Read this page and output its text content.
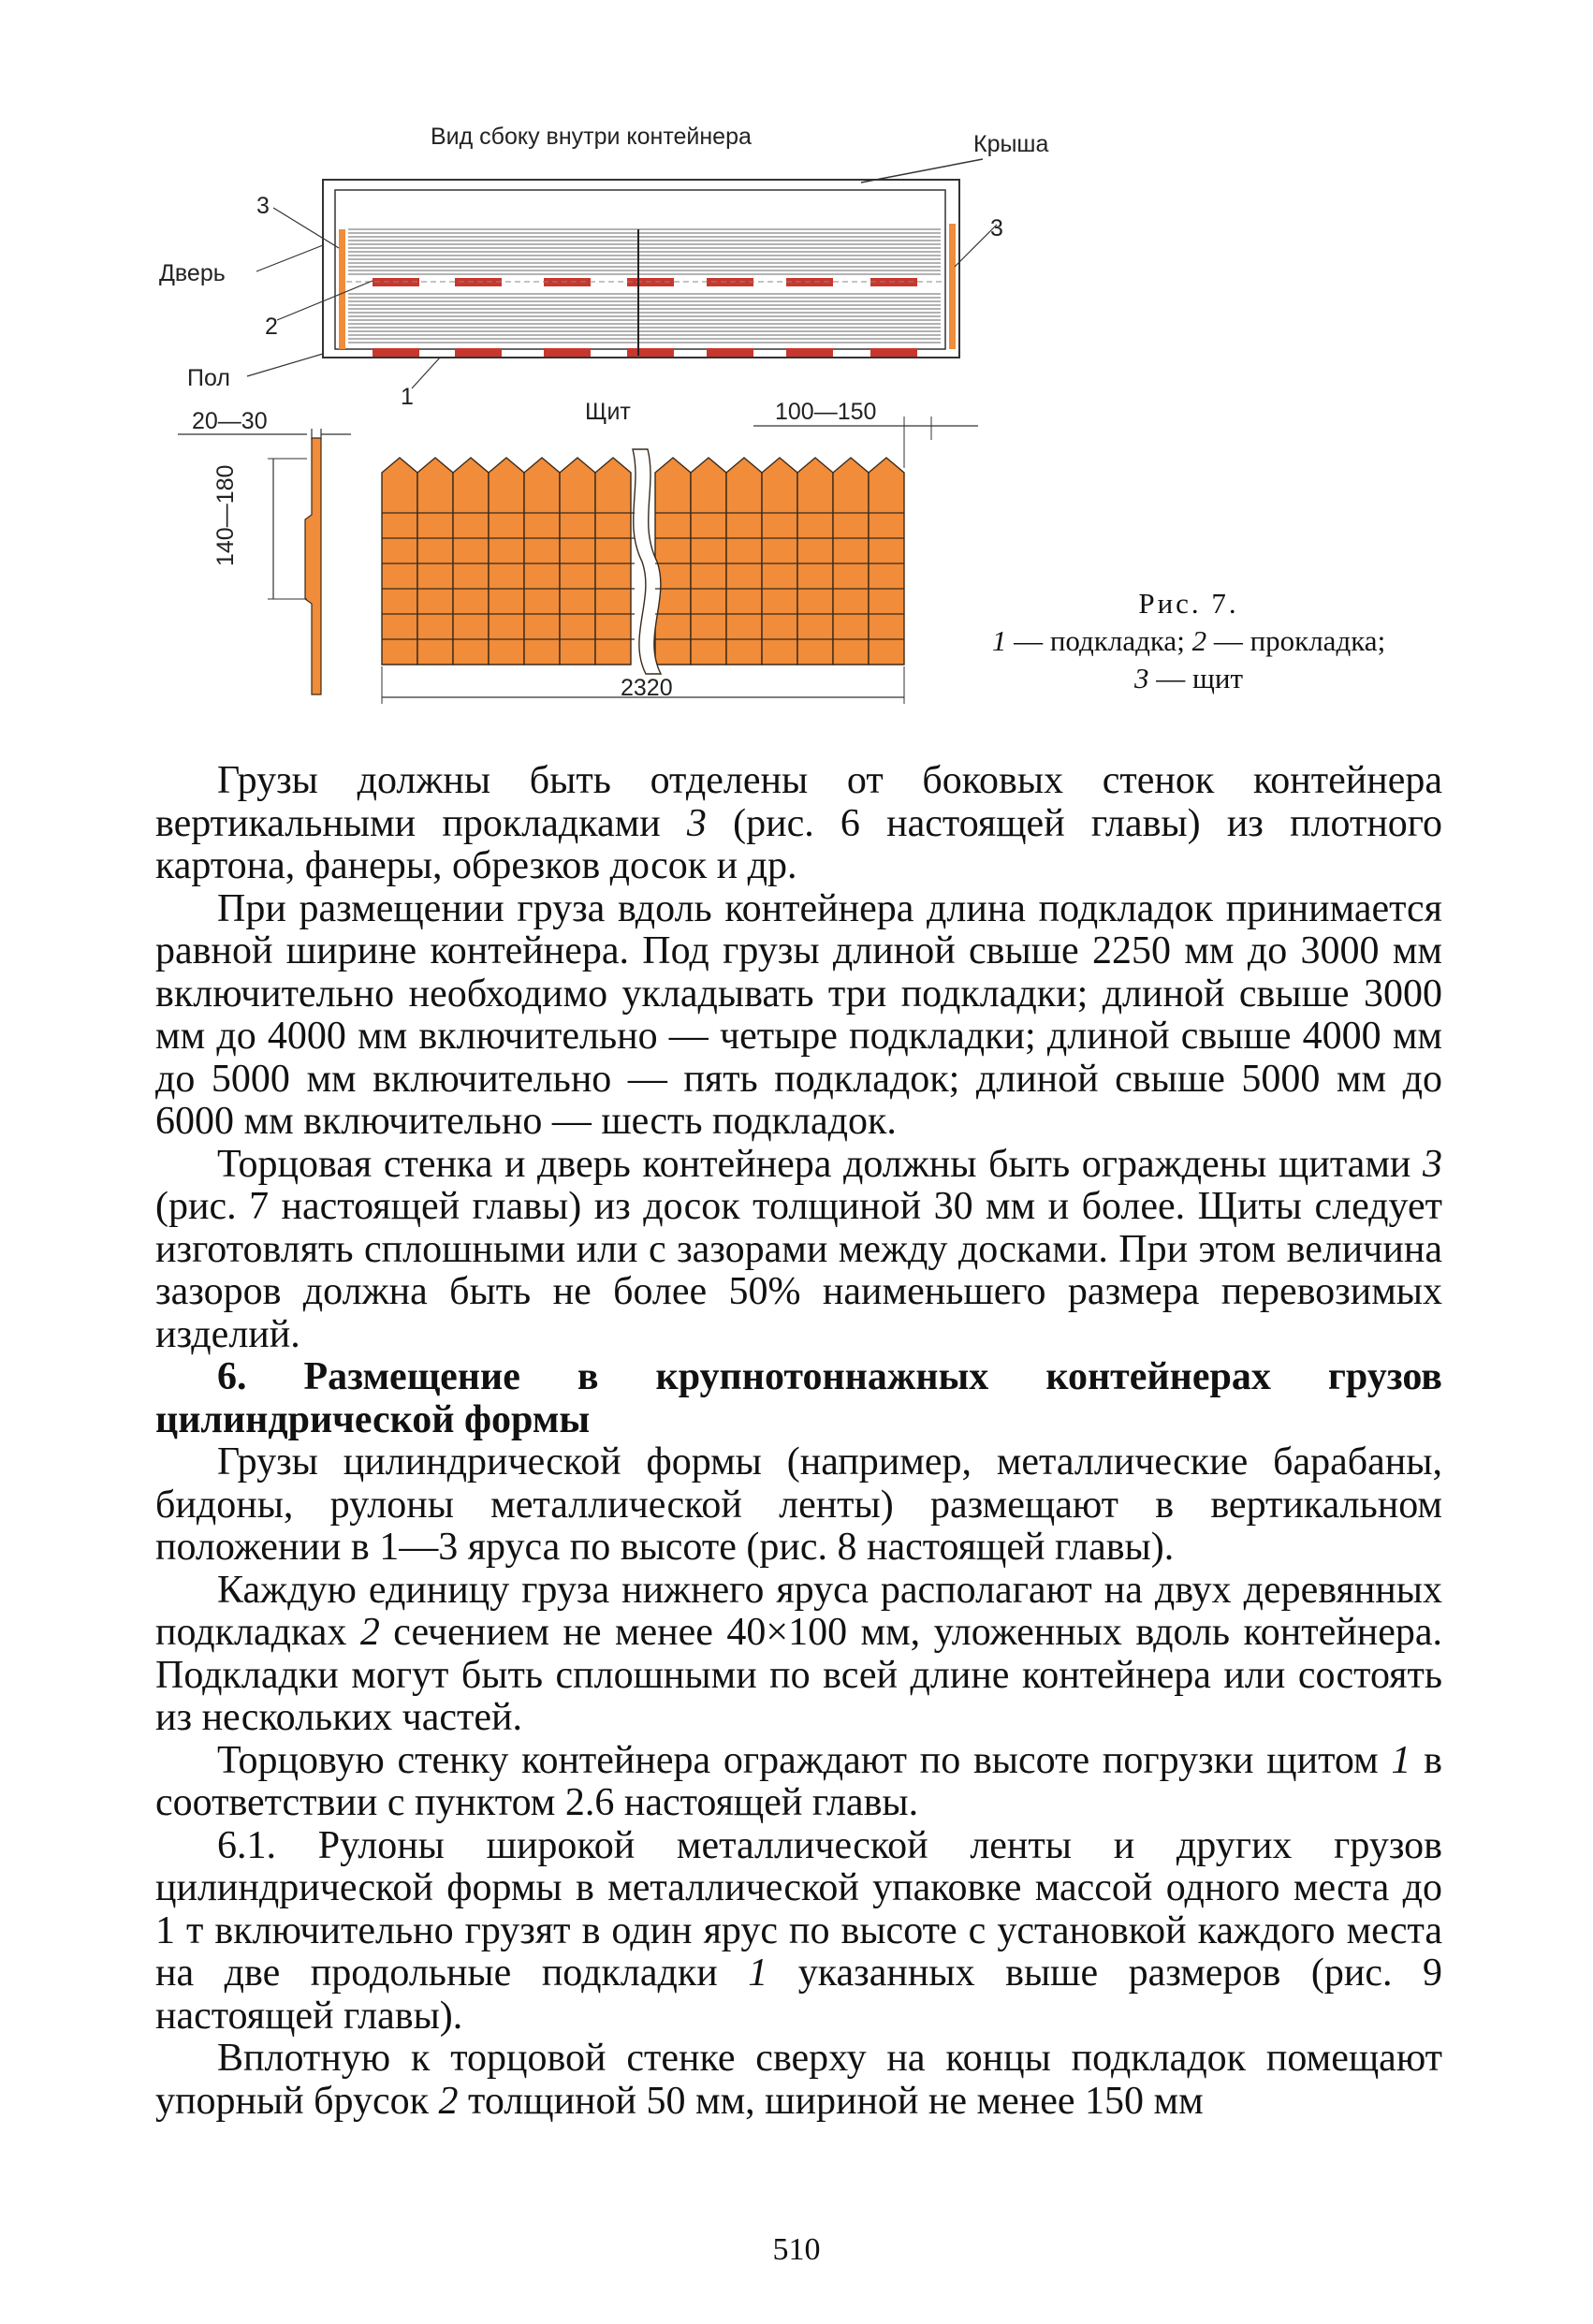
Вид сбоку внутри контейнера	Крыша
3
3
Дверь
2
Пол
1
Щит
20—30	100—150
140—180
2320
Рис. 7.
1 — подкладка; 2 — прокладка;
3 — щит

Грузы должны быть отделены от боковых стенок контейнера вертикальными прокладками 3 (рис. 6 настоящей главы) из плотного картона, фанеры, обрезков досок и др.

При размещении груза вдоль контейнера длина подкладок принимается равной ширине контейнера. Под грузы длиной свыше 2250 мм до 3000 мм включительно необходимо укладывать три подкладки; длиной свыше 3000 мм до 4000 мм включительно — четыре подкладки; длиной свыше 4000 мм до 5000 мм включительно — пять подкладок; длиной свыше 5000 мм до 6000 мм включительно — шесть подкладок.

Торцовая стенка и дверь контейнера должны быть ограждены щитами 3 (рис. 7 настоящей главы) из досок толщиной 30 мм и более. Щиты следует изготовлять сплошными или с зазорами между досками. При этом величина зазоров должна быть не более 50% наименьшего размера перевозимых изделий.

6. Размещение в крупнотоннажных контейнерах грузов цилиндрической формы

Грузы цилиндрической формы (например, металлические барабаны, бидоны, рулоны металлической ленты) размещают в вертикальном положении в 1—3 яруса по высоте (рис. 8 настоящей главы).

Каждую единицу груза нижнего яруса располагают на двух деревянных подкладках 2 сечением не менее 40×100 мм, уложенных вдоль контейнера. Подкладки могут быть сплошными по всей длине контейнера или состоять из нескольких частей.

Торцовую стенку контейнера ограждают по высоте погрузки щитом 1 в соответствии с пунктом 2.6 настоящей главы.

6.1. Рулоны широкой металлической ленты и других грузов цилиндрической формы в металлической упаковке массой одного места до 1 т включительно грузят в один ярус по высоте с установкой каждого места на две продольные подкладки 1 указанных выше размеров (рис. 9 настоящей главы).

Вплотную к торцовой стенке сверху на концы подкладок помещают упорный брусок 2 толщиной 50 мм, шириной не менее 150 мм

510
